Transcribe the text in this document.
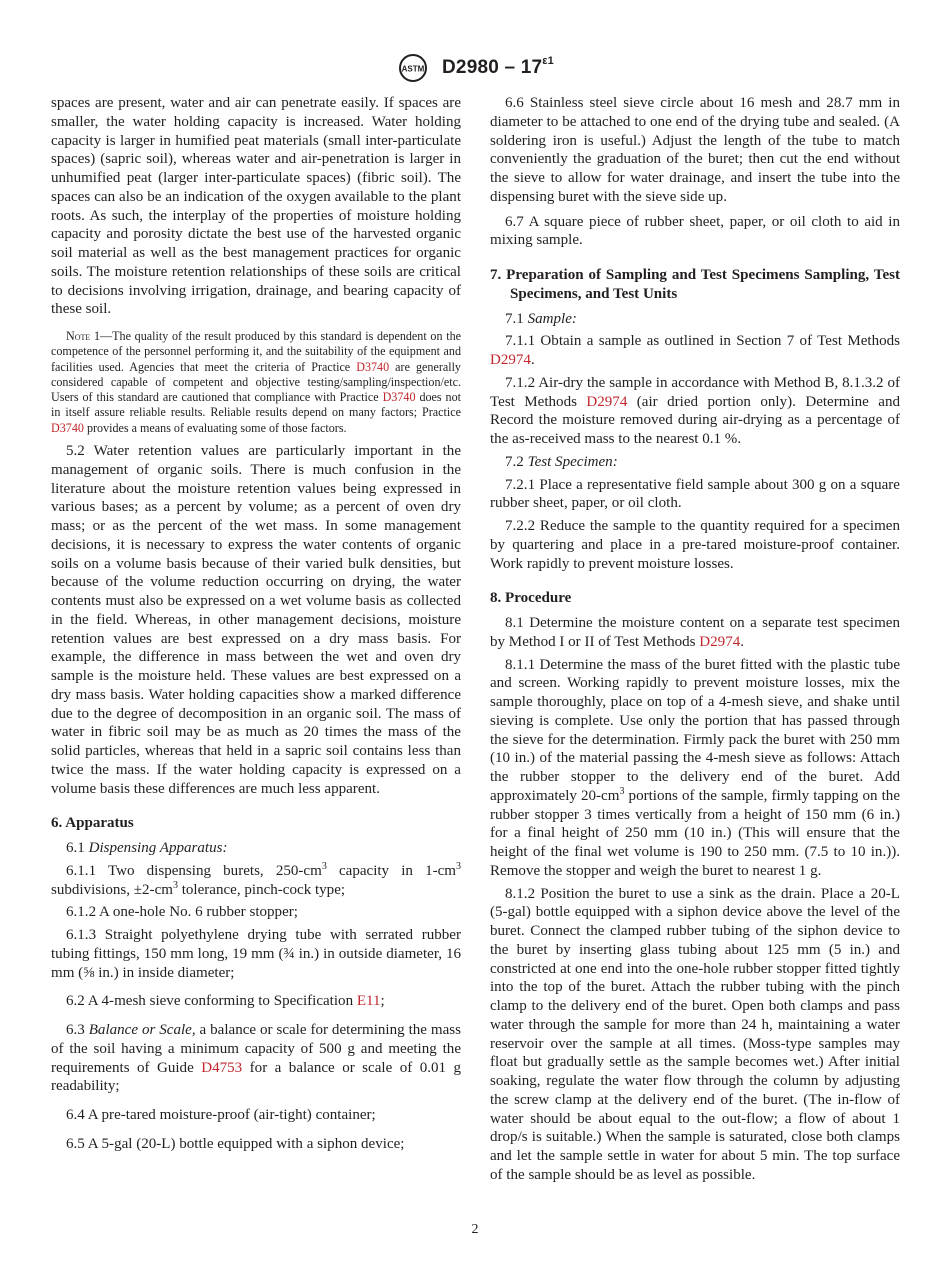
ASTM $D2980 - 17^{\varepsilon 1}$

spaces are present, water and air can penetrate easily. If spaces are smaller, the water holding capacity is increased. Water holding capacity is larger in humified peat materials (small inter-particulate spaces) (sapric soil), whereas water and air-penetration is larger in unhumified peat (larger inter-particulate spaces) (fibric soil). The spaces can also be an indication of the oxygen available to the plant roots. As such, the interplay of the properties of moisture holding capacity and porosity dictate the best use of the harvested organic soil material as well as the best management practices for organic soils. The moisture retention relationships of these soils are critical to decisions involving irrigation, drainage, and bearing capacity of these soil.

Note 1—The quality of the result produced by this standard is dependent on the competence of the personnel performing it, and the suitability of the equipment and facilities used. Agencies that meet the criteria of Practice D3740 are generally considered capable of competent and objective testing/sampling/inspection/etc. Users of this standard are cautioned that compliance with Practice D3740 does not in itself assure reliable results. Reliable results depend on many factors; Practice D3740 provides a means of evaluating some of those factors.

5.2 Water retention values are particularly important in the management of organic soils. There is much confusion in the literature about the moisture retention values being expressed in various bases; as a percent by volume; as a percent of oven dry mass; or as the percent of the wet mass. In some management decisions, it is necessary to express the water contents of organic soils on a volume basis because of their varied bulk densities, but because of the volume reduction occurring on drying, the water contents must also be expressed on a wet volume basis as collected in the field. Whereas, in other management decisions, moisture retention values are best expressed on a dry mass basis. For example, the difference in mass between the wet and oven dry sample is the moisture held. These values are best expressed on a dry mass basis. Water holding capacities show a marked difference due to the degree of decomposition in an organic soil. The mass of water in fibric soil may be as much as 20 times the mass of the solid particles, whereas that held in a sapric soil contains less than twice the mass. If the water holding capacity is expressed on a volume basis these differences are much less apparent.

6. Apparatus

6.1 Dispensing Apparatus:

6.1.1 Two dispensing burets, $250-cm^3$ capacity in $1-cm^3$ subdivisions, $\pm 2-cm^3$ tolerance, pinch-cock type;

6.1.2 A one-hole No. 6 rubber stopper;

6.1.3 Straight polyethylene drying tube with serrated rubber tubing fittings, 150 mm long, 19 mm (¾ in.) in outside diameter, 16 mm (⅝ in.) in inside diameter;

6.2 A 4-mesh sieve conforming to Specification E11;

6.3 Balance or Scale, a balance or scale for determining the mass of the soil having a minimum capacity of 500 g and meeting the requirements of Guide D4753 for a balance or scale of 0.01 g readability;

6.4 A pre-tared moisture-proof (air-tight) container;

6.5 A 5-gal (20-L) bottle equipped with a siphon device;

6.6 Stainless steel sieve circle about 16 mesh and 28.7 mm in diameter to be attached to one end of the drying tube and sealed. (A soldering iron is useful.) Adjust the length of the tube to match conveniently the graduation of the buret; then cut the end without the sieve to allow for water drainage, and insert the tube into the dispensing buret with the sieve side up.

6.7 A square piece of rubber sheet, paper, or oil cloth to aid in mixing sample.

7. Preparation of Sampling and Test Specimens Sampling, Test Specimens, and Test Units

7.1 Sample:

7.1.1 Obtain a sample as outlined in Section 7 of Test Methods D2974.

7.1.2 Air-dry the sample in accordance with Method B, 8.1.3.2 of Test Methods D2974 (air dried portion only). Determine and Record the moisture removed during air-drying as a percentage of the as-received mass to the nearest 0.1 %.

7.2 Test Specimen:

7.2.1 Place a representative field sample about 300 g on a square rubber sheet, paper, or oil cloth.

7.2.2 Reduce the sample to the quantity required for a specimen by quartering and place in a pre-tared moisture-proof container. Work rapidly to prevent moisture losses.

8. Procedure

8.1 Determine the moisture content on a separate test specimen by Method I or II of Test Methods D2974.

8.1.1 Determine the mass of the buret fitted with the plastic tube and screen. Working rapidly to prevent moisture losses, mix the sample thoroughly, place on top of a 4-mesh sieve, and shake until sieving is complete. Use only the portion that has passed through the sieve for the determination. Firmly pack the buret with 250 mm (10 in.) of the material passing the 4-mesh sieve as follows: Attach the rubber stopper to the delivery end of the buret. Add approximately $20-cm^3$ portions of the sample, firmly tapping on the rubber stopper 3 times vertically from a height of 150 mm (6 in.) for a final height of 250 mm (10 in.) (This will ensure that the height of the final wet volume is 190 to 250 mm. (7.5 to 10 in.)). Remove the stopper and weigh the buret to nearest 1 g.

8.1.2 Position the buret to use a sink as the drain. Place a 20-L (5-gal) bottle equipped with a siphon device above the level of the buret. Connect the clamped rubber tubing of the siphon device to the buret by inserting glass tubing about 125 mm (5 in.) and constricted at one end into the one-hole rubber stopper fitted tightly into the top of the buret. Attach the rubber tubing with the pinch clamp to the delivery end of the buret. Open both clamps and pass water through the sample for more than 24 h, maintaining a water reservoir over the sample at all times. (Moss-type samples may float but gradually settle as the sample becomes wet.) After initial soaking, regulate the water flow through the column by adjusting the screw clamp at the delivery end of the buret. (The in-flow of water should be about equal to the out-flow; a flow of about 1 drop/s is suitable.) When the sample is saturated, close both clamps and let the sample settle in water for about 5 min. The top surface of the sample should be as level as possible.

2
